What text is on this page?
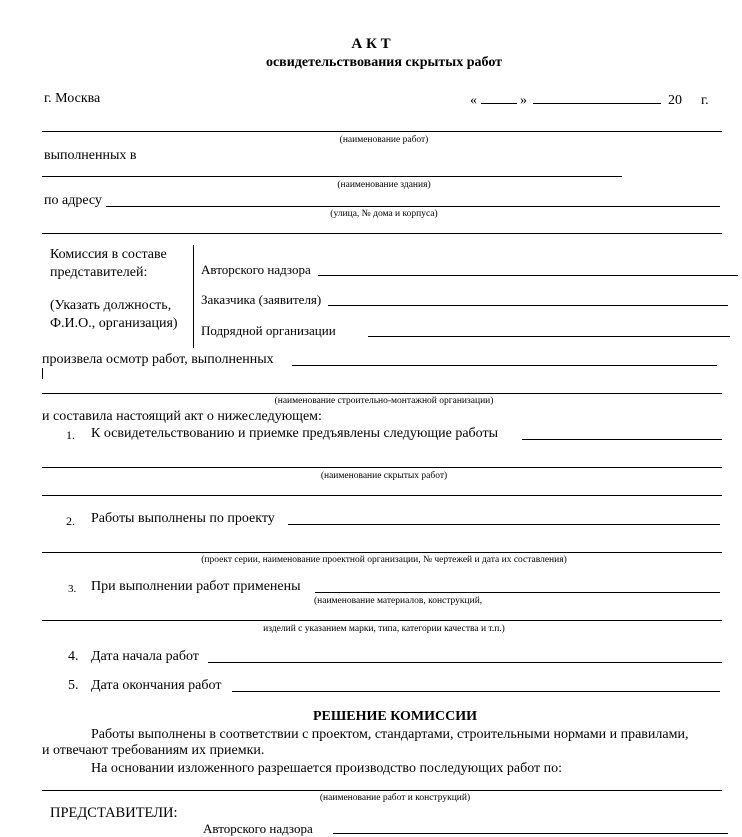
А К Т
освидетельствования скрытых работ
г. Москва	«	»	20 г.
(наименование работ)
выполненных в
(наименование здания)
по адресу
(улица, № дома и корпуса)
Комиссия в составе
представителей:
(Указать должность,
Ф.И.О., организация)
Авторского надзора
Заказчика (заявителя)
Подрядной организации
произвела осмотр работ, выполненных
(наименование строительно-монтажной организации)
и составила настоящий акт о нижеследующем:
1. К освидетельствованию и приемке предъявлены следующие работы
(наименование скрытых работ)
2. Работы выполнены по проекту
(проект серии, наименование проектной организации, № чертежей и дата их составления)
3. При выполнении работ применены
(наименование материалов, конструкций,
изделий с указанием марки, типа, категории качества и т.п.)
4. Дата начала работ
5. Дата окончания работ
РЕШЕНИЕ КОМИССИИ
Работы выполнены в соответствии с проектом, стандартами, строительными нормами и правилами,
и отвечают требованиям их приемки.
На основании изложенного разрешается производство последующих работ по:
(наименование работ и конструкций)
ПРЕДСТАВИТЕЛИ:
Авторского надзора
